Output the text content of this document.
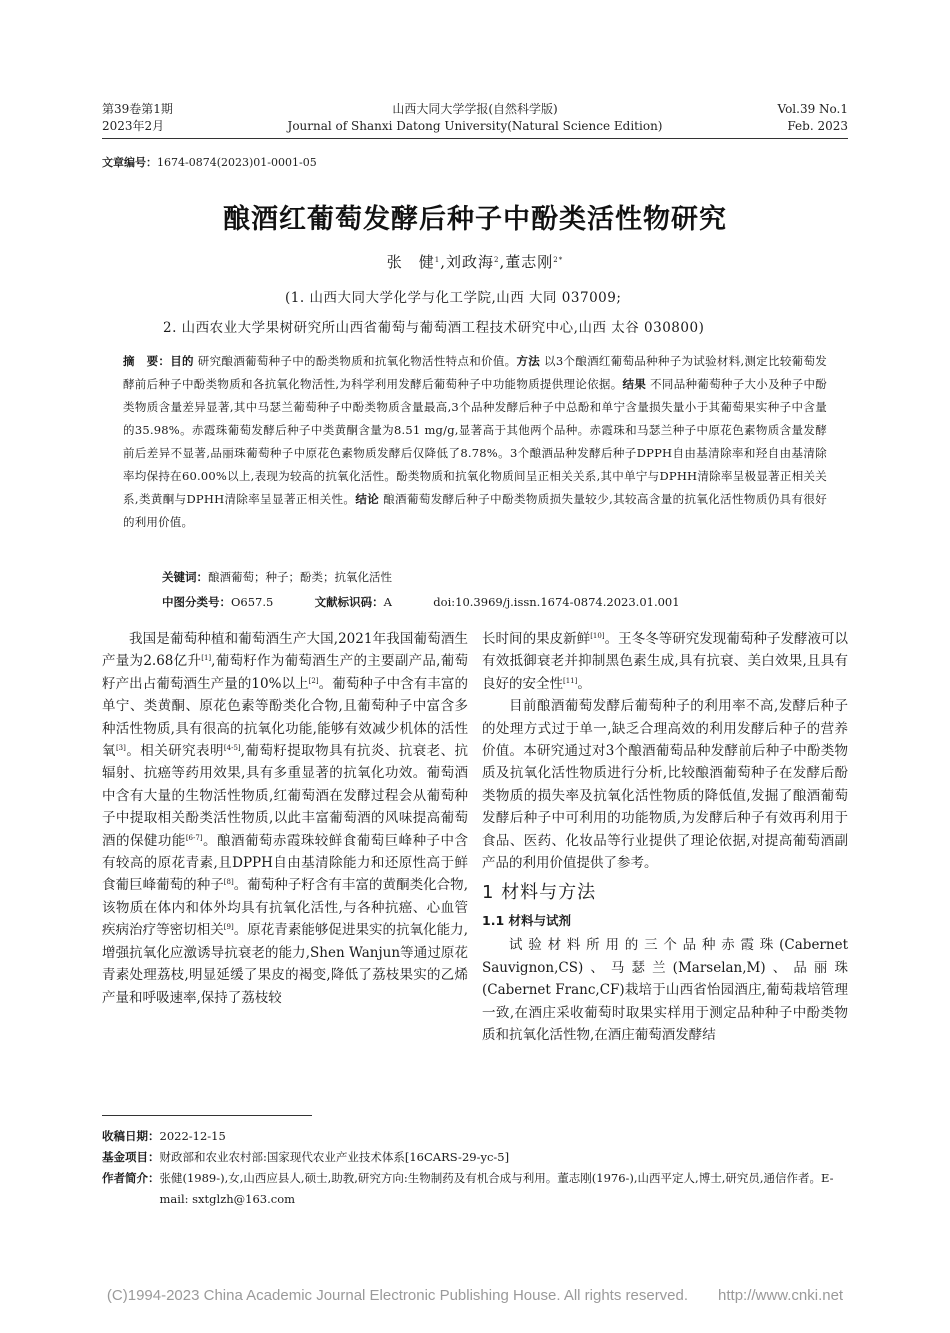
第39卷第1期
2023年2月
山西大同大学学报(自然科学版)
Journal of Shanxi Datong University(Natural Science Edition)
Vol.39 No.1
Feb. 2023
文章编号：1674-0874(2023)01-0001-05
酿酒红葡萄发酵后种子中酚类活性物研究
张　健$^1$,刘政海$^2$,董志刚$^{2*}$
(1. 山西大同大学化学与化工学院,山西 大同 037009;
2. 山西农业大学果树研究所山西省葡萄与葡萄酒工程技术研究中心,山西 太谷 030800)
摘　要：目的 研究酿酒葡萄种子中的酚类物质和抗氧化物活性特点和价值。方法 以3个酿酒红葡萄品种种子为试验材料,测定比较葡萄发酵前后种子中酚类物质和各抗氧化物活性,为科学利用发酵后葡萄种子中功能物质提供理论依据。结果 不同品种葡萄种子大小及种子中酚类物质含量差异显著,其中马瑟兰葡萄种子中酚类物质含量最高,3个品种发酵后种子中总酚和单宁含量损失量小于其葡萄果实种子中含量的35.98%。赤霞珠葡萄发酵后种子中类黄酮含量为8.51 mg/g,显著高于其他两个品种。赤霞珠和马瑟兰种子中原花色素物质含量发酵前后差异不显著,品丽珠葡萄种子中原花色素物质发酵后仅降低了8.78%。3个酿酒品种发酵后种子DPPH自由基清除率和羟自由基清除率均保持在60.00%以上,表现为较高的抗氧化活性。酚类物质和抗氧化物质间呈正相关关系,其中单宁与DPHH清除率呈极显著正相关关系,类黄酮与DPHH清除率呈显著正相关性。结论 酿酒葡萄发酵后种子中酚类物质损失量较少,其较高含量的抗氧化活性物质仍具有很好的利用价值。
关键词：酿酒葡萄；种子；酚类；抗氧化活性
中图分类号：O657.5	文献标识码：A	doi:10.3969/j.issn.1674-0874.2023.01.001

我国是葡萄种植和葡萄酒生产大国,2021年我国葡萄酒生产量为2.68亿升[1],葡萄籽作为葡萄酒生产的主要副产品,葡萄籽产出占葡萄酒生产量的10%以上[2]。葡萄种子中含有丰富的单宁、类黄酮、原花色素等酚类化合物,且葡萄种子中富含多种活性物质,具有很高的抗氧化功能,能够有效减少机体的活性氧[3]。相关研究表明[4-5],葡萄籽提取物具有抗炎、抗衰老、抗辐射、抗癌等药用效果,具有多重显著的抗氧化功效。葡萄酒中含有大量的生物活性物质,红葡萄酒在发酵过程会从葡萄种子中提取相关酚类活性物质,以此丰富葡萄酒的风味提高葡萄酒的保健功能[6-7]。酿酒葡萄赤霞珠较鲜食葡萄巨峰种子中含有较高的原花青素,且DPPH自由基清除能力和还原性高于鲜食葡巨峰葡萄的种子[8]。葡萄种子籽含有丰富的黄酮类化合物,该物质在体内和体外均具有抗氧化活性,与各种抗癌、心血管疾病治疗等密切相关[9]。原花青素能够促进果实的抗氧化能力,增强抗氧化应激诱导抗衰老的能力,Shen Wanjun等通过原花青素处理荔枝,明显延缓了果皮的褐变,降低了荔枝果实的乙烯产量和呼吸速率,保持了荔枝较

长时间的果皮新鲜[10]。王冬冬等研究发现葡萄种子发酵液可以有效抵御衰老并抑制黑色素生成,具有抗衰、美白效果,且具有良好的安全性[11]。

目前酿酒葡萄发酵后葡萄种子的利用率不高,发酵后种子的处理方式过于单一,缺乏合理高效的利用发酵后种子的营养价值。本研究通过对3个酿酒葡萄品种发酵前后种子中酚类物质及抗氧化活性物质进行分析,比较酿酒葡萄种子在发酵后酚类物质的损失率及抗氧化活性物质的降低值,发掘了酿酒葡萄发酵后种子中可利用的功能物质,为发酵后种子有效再利用于食品、医药、化妆品等行业提供了理论依据,对提高葡萄酒副产品的利用价值提供了参考。

1 材料与方法
1.1 材料与试剂

试验材料所用的三个品种赤霞珠(Cabernet Sauvignon,CS)、马瑟兰(Marselan,M)、品丽珠(Cabernet Franc,CF)栽培于山西省怡园酒庄,葡萄栽培管理一致,在酒庄采收葡萄时取果实样用于测定品种种子中酚类物质和抗氧化活性物,在酒庄葡萄酒发酵结

收稿日期：2022-12-15
基金项目：财政部和农业农村部:国家现代农业产业技术体系[16CARS-29-yc-5]
作者简介：张健(1989-),女,山西应县人,硕士,助教,研究方向:生物制药及有机合成与利用。董志刚(1976-),山西平定人,博士,研究员,通信作者。E-mail: sxtglzh@163.com
(C)1994-2023 China Academic Journal Electronic Publishing House. All rights reserved.　　http://www.cnki.net
